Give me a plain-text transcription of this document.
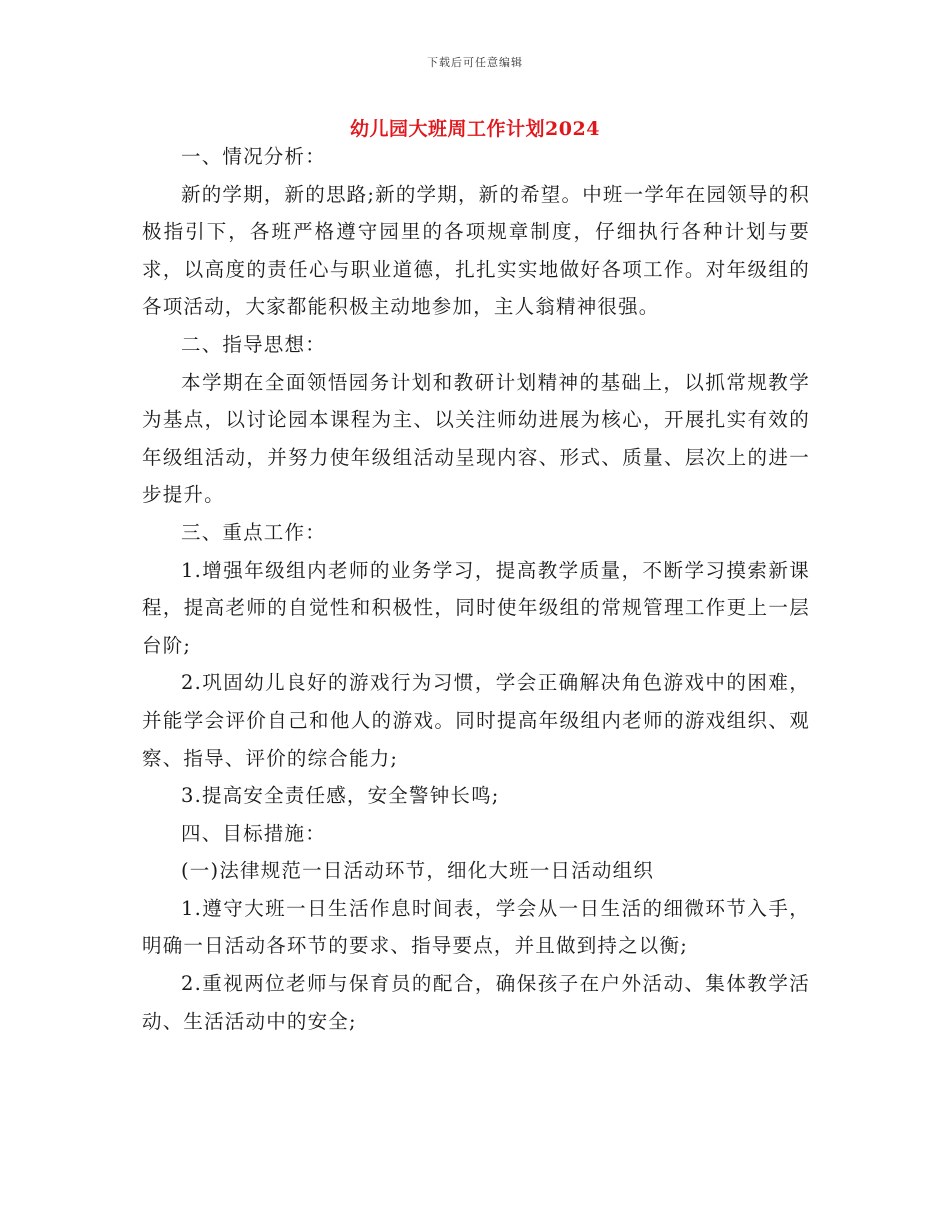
下载后可任意编辑
幼儿园大班周工作计划2024

一、情况分析：

新的学期，新的思路;新的学期，新的希望。中班一学年在园领导的积极指引下，各班严格遵守园里的各项规章制度，仔细执行各种计划与要求，以高度的责任心与职业道德，扎扎实实地做好各项工作。对年级组的各项活动，大家都能积极主动地参加，主人翁精神很强。

二、指导思想：

本学期在全面领悟园务计划和教研计划精神的基础上，以抓常规教学为基点，以讨论园本课程为主、以关注师幼进展为核心，开展扎实有效的年级组活动，并努力使年级组活动呈现内容、形式、质量、层次上的进一步提升。

三、重点工作：

1.增强年级组内老师的业务学习，提高教学质量，不断学习摸索新课程，提高老师的自觉性和积极性，同时使年级组的常规管理工作更上一层台阶;

2.巩固幼儿良好的游戏行为习惯，学会正确解决角色游戏中的困难，并能学会评价自己和他人的游戏。同时提高年级组内老师的游戏组织、观察、指导、评价的综合能力;

3.提高安全责任感，安全警钟长鸣;

四、目标措施：

(一)法律规范一日活动环节，细化大班一日活动组织

1.遵守大班一日生活作息时间表，学会从一日生活的细微环节入手，明确一日活动各环节的要求、指导要点，并且做到持之以衡;

2.重视两位老师与保育员的配合，确保孩子在户外活动、集体教学活动、生活活动中的安全;
